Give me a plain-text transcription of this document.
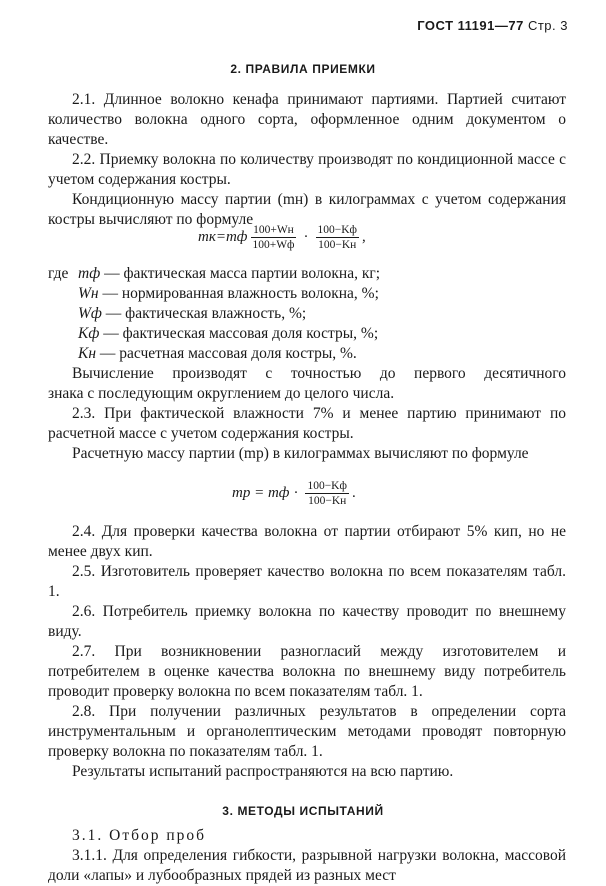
ГОСТ 11191—77 Стр. 3
2. ПРАВИЛА ПРИЕМКИ
2.1. Длинное волокно кенафа принимают партиями. Партией считают количество волокна одного сорта, оформленное одним документом о качестве.
2.2. Приемку волокна по количеству производят по кондиционной массе с учетом содержания костры.
Кондиционную массу партии (mн) в килограммах с учетом содержания костры вычисляют по формуле
$mк=mф \frac{100+Wн}{100+Wф} \cdot \frac{100-Kф}{100-Kн}$ ,
где mф — фактическая масса партии волокна, кг;
Wн — нормированная влажность волокна, %;
Wф — фактическая влажность, %;
Kф — фактическая массовая доля костры, %;
Kн — расчетная массовая доля костры, %.
Вычисление производят с точностью до первого десятичного
знака с последующим округлением до целого числа.
2.3. При фактической влажности 7% и менее партию принимают по расчетной массе с учетом содержания костры.
Расчетную массу партии (mр) в килограммах вычисляют по формуле
mр = mф · $\frac{100-Kф}{100-Kн}$ .
2.4. Для проверки качества волокна от партии отбирают 5% кип, но не менее двух кип.
2.5. Изготовитель проверяет качество волокна по всем показателям табл. 1.
2.6. Потребитель приемку волокна по качеству проводит по внешнему виду.
2.7. При возникновении разногласий между изготовителем и потребителем в оценке качества волокна по внешнему виду потребитель проводит проверку волокна по всем показателям табл. 1.
2.8. При получении различных результатов в определении сорта инструментальным и органолептическим методами проводят повторную проверку волокна по показателям табл. 1.
Результаты испытаний распространяются на всю партию.
3. МЕТОДЫ ИСПЫТАНИЙ
3.1. Отбор проб
3.1.1. Для определения гибкости, разрывной нагрузки волокна, массовой доли «лапы» и лубообразных прядей из разных мест
